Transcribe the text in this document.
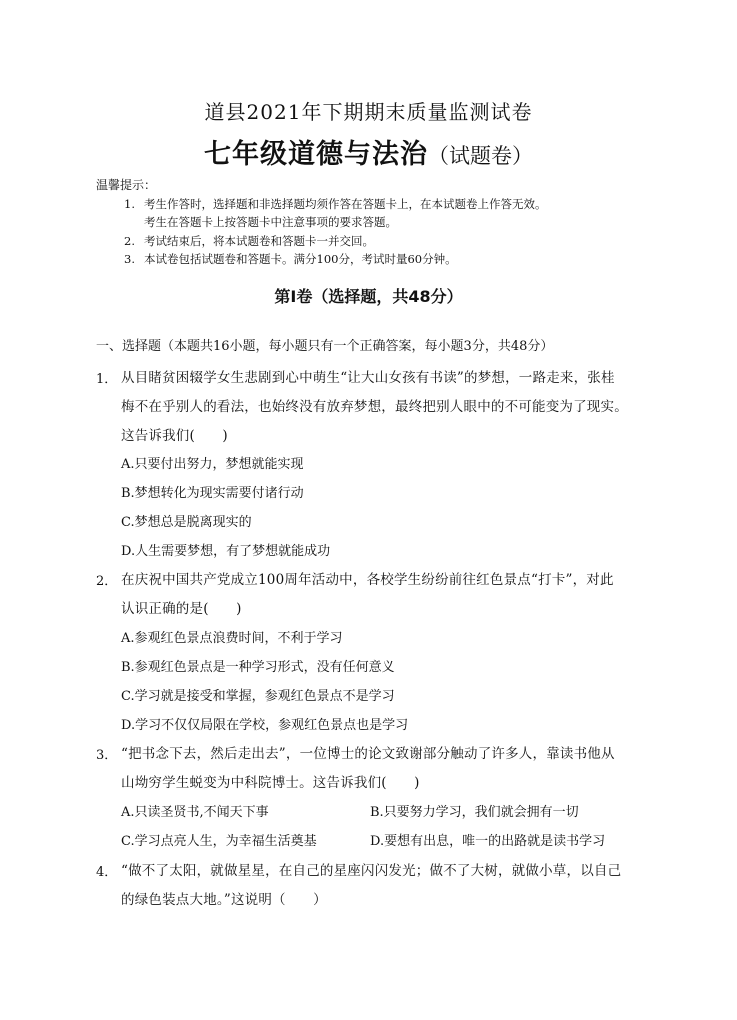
道县2021年下期期末质量监测试卷
七年级道德与法治（试题卷）
温馨提示：
1. 考生作答时，选择题和非选择题均须作答在答题卡上，在本试题卷上作答无效。
考生在答题卡上按答题卡中注意事项的要求答题。
2. 考试结束后，将本试题卷和答题卡一并交回。
3. 本试卷包括试题卷和答题卡。满分100分，考试时量60分钟。
第Ⅰ卷（选择题，共48分）
一、选择题（本题共16小题，每小题只有一个正确答案，每小题3分，共48分）
1． 从目睹贫困辍学女生悲剧到心中萌生“让大山女孩有书读”的梦想，一路走来，张桂
梅不在乎别人的看法，也始终没有放弃梦想，最终把别人眼中的不可能变为了现实。
这告诉我们(　　)
A.只要付出努力，梦想就能实现
B.梦想转化为现实需要付诸行动
C.梦想总是脱离现实的
D.人生需要梦想，有了梦想就能成功
2． 在庆祝中国共产党成立100周年活动中，各校学生纷纷前往红色景点“打卡”，对此
认识正确的是(　　)
A.参观红色景点浪费时间，不利于学习
B.参观红色景点是一种学习形式，没有任何意义
C.学习就是接受和掌握，参观红色景点不是学习
D.学习不仅仅局限在学校，参观红色景点也是学习
3． “把书念下去，然后走出去”，一位博士的论文致谢部分触动了许多人，靠读书他从
山坳穷学生蜕变为中科院博士。这告诉我们(　　)
A.只读圣贤书,不闻天下事	B.只要努力学习，我们就会拥有一切
C.学习点亮人生，为幸福生活奠基	D.要想有出息，唯一的出路就是读书学习
4． “做不了太阳，就做星星，在自己的星座闪闪发光；做不了大树，就做小草，以自己
的绿色装点大地。”这说明（　　）
